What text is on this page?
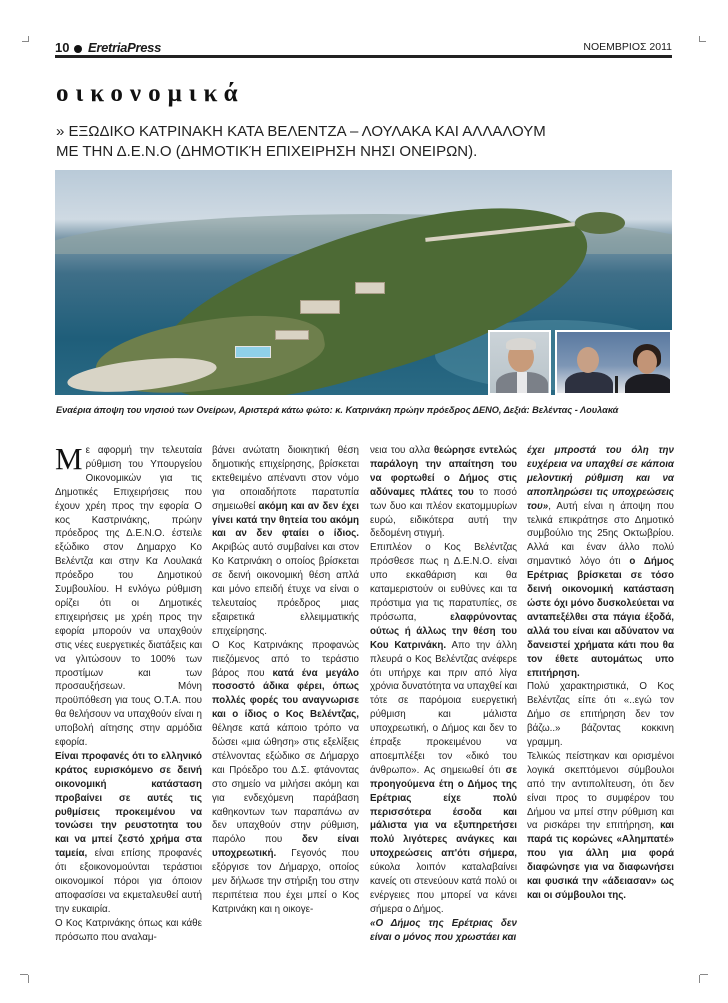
10 EretriaPress	ΝΟΕΜΒΡΙΟΣ 2011
οικονομικά
» ΕΞΩΔΙΚΟ ΚΑΤΡΙΝΑΚΗ ΚΑΤΑ ΒΕΛΕΝΤΖΑ – ΛΟΥΛΑΚΑ ΚΑΙ ΑΛΛΑΛΟΥΜ
ΜΕ ΤΗΝ Δ.Ε.Ν.Ο (ΔΗΜΟΤΙΚΉ ΕΠΙΧΕΙΡΗΣΗ ΝΗΣΙ ΟΝΕΙΡΩΝ).
Εναέρια άποψη του νησιού των Ονείρων, Αριστερά κάτω φώτο: κ. Κατρινάκη πρώην πρόεδρος ΔΕΝΟ, Δεξιά: Βελέντας - Λουλακά

Με αφορμή την τελευταία ρύθμιση του Υπουργείου Οικονομικών για τις Δημοτικές Επιχειρήσεις που έχουν χρέη προς την εφορία Ο κος Καστρινάκης, πρώην πρόεδρος της Δ.Ε.Ν.Ο. έστειλε εξώδικο στον Δημαρχο Κο Βελέντζα και στην Κα Λουλακά πρόεδρο του Δημοτικού Συμβουλίου. Η ενλόγω ρύθμιση ορίζει ότι οι Δημοτικές επιχειρήσεις με χρέη προς την εφορία μπορούν να υπαχθούν στις νέες ευεργετικές διατάξεις και να γλιτώσουν το 100% των προστίμων και των προσαυξήσεων. Μόνη προϋπόθεση για τους Ο.Τ.Α. που θα θελήσουν να υπαχθούν είναι η υποβολή αίτησης στην αρμόδια εφορία.

Είναι προφανές ότι το ελληνικό κράτος ευρισκόμενο σε δεινή οικονομική κατάσταση προβαίνει σε αυτές τις ρυθμίσεις προκειμένου να τονώσει την ρευστοτητα του και να μπεί ζεστό χρήμα στα ταμεία, είναι επίσης προφανές ότι εξοικονομούνται τεράστιοι οικονομικοί πόροι για όποιον αποφασίσει να εκμεταλευθεί αυτή την ευκαιρία.

Ο Κος Κατρινάκης όπως και κάθε πρόσωπο που αναλαμ-

βάνει ανώτατη διοικητική θέση δημοτικής επιχείρησης, βρίσκεται εκτεθειμένο απέναντι στον νόμο για οποιαδήποτε παρατυπία σημειωθεί ακόμη και αν δεν έχει γίνει κατά την θητεία του ακόμη και αν δεν φταίει ο ίδιος. Ακριβώς αυτό συμβαίνει και στον Κο Κατρινάκη ο οποίος βρίσκεται σε δεινή οικονομική θέση απλά και μόνο επειδή έτυχε να είναι ο τελευταίος πρόεδρος μιας εξαιρετικά ελλειμματικής επιχείρησης.

Ο Κος Κατρινάκης προφανώς πιεζόμενος από το τεράστιο βάρος που κατά ένα μεγάλο ποσοστό άδικα φέρει, όπως πολλές φορές του αναγνωρισε και ο ίδιος ο Κος Βελέντζας, θέλησε κατά κάποιο τρόπο να δώσει «μια ώθηση» στις εξελίξεις στέλνοντας εξώδικο σε Δήμαρχο και Πρόεδρο του Δ.Σ. φτάνοντας στο σημείο να μιλήσει ακόμη και για ενδεχόμενη παράβαση καθηκοντων των παραπάνω αν δεν υπαχθούν στην ρύθμιση, παρόλο που δεν είναι υποχρεωτική. Γεγονός που εξόργισε τον Δήμαρχο, οποίος μεν δήλωσε την στήριξη του στην περιπέτεια που έχει μπεί ο Κος Κατρινάκη και η οικογε-

νεια του αλλα θεώρησε εντελώς παράλογη την απαίτηση του να φορτωθεί ο Δήμος στις αδύναμες πλάτες του το ποσό των δυο και πλέον εκατομμυρίων ευρώ, ειδικότερα αυτή την δεδομένη στιγμή.

Επιπλέον ο Κος Βελέντζας πρόσθεσε πως η Δ.Ε.Ν.Ο. είναι υπο εκκαθάριση και θα καταμεριστούν οι ευθύνες και τα πρόστιμα για τις παρατυπίες, σε πρόσωπα, ελαφρύνοντας ούτως ή άλλως την θέση του Κου Κατρινάκη. Απο την άλλη πλευρά ο Κος Βελέντζας ανέφερε ότι υπήρχε και πριν από λίγα χρόνια δυνατότητα να υπαχθεί και τότε σε παρόμοια ευεργετική ρύθμιση και μάλιστα υποχρεωτική, ο Δήμος και δεν το έπραξε προκειμένου να αποεμπλέξει τον «δικό του άνθρωπο». Ας σημειωθεί ότι σε προηγούμενα έτη ο Δήμος της Ερέτριας είχε πολύ περισσότερα έσοδα και μάλιστα για να εξυπηρετήσει πολύ λιγότερες ανάγκες και υποχρεώσεις απ'ότι σήμερα, εύκολα λοιπόν καταλαβαίνει κανείς οτι στενεύουν κατά πολύ οι ενέργειες που μπορεί να κάνει σήμερα ο Δήμος.

«Ο Δήμος της Ερέτριας δεν είναι ο μόνος που χρωστάει και

έχει μπροστά του όλη την ευχέρεια να υπαχθεί σε κάποια μελοντική ρύθμιση και να αποπληρώσει τις υποχρεώσεις του», Αυτή είναι η άποψη που τελικά επικράτησε στο Δημοτικό συμβούλιο της 25ης Οκτωβρίου. Αλλά και έναν άλλο πολύ σημαντικό λόγο ότι ο Δήμος Ερέτριας βρίσκεται σε τόσο δεινή οικονομική κατάσταση ώστε όχι μόνο δυσκολεύεται να ανταπεξέλθει στα πάγια έξοδά, αλλά του είναι και αδύνατον να δανειστεί χρήματα κάτι που θα τον έθετε αυτομάτως υπο επιτήρηση.

Πολύ χαρακτηριστικά, Ο Κος Βελέντζας είπε ότι «..εγώ τον Δήμο σε επιτήρηση δεν τον βάζω..» βάζοντας κοκκινη γραμμη.

Τελικώς πείστηκαν και ορισμένοι λογικά σκεπτόμενοι σύμβουλοι από την αντιπολίτευση, ότι δεν είναι προς το συμφέρον του Δήμου να μπεί στην ρύθμιση και να ρισκάρει την επιτήρηση, και παρά τις κορώνες «Αλημπατέ» που για άλλη μια φορά διαφώνησε για να διαφωνήσει και φυσικά την «άδειασαν» ως και οι σύμβουλοι της.
